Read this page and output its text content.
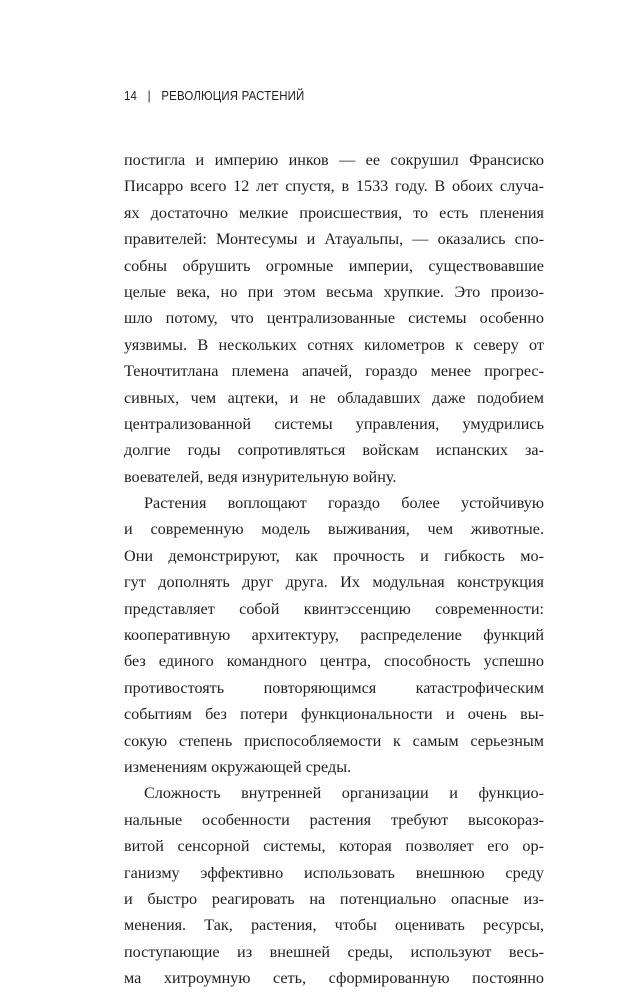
14 | РЕВОЛЮЦИЯ РАСТЕНИЙ
постигла и империю инков — ее сокрушил Франсиско
Писарро всего 12 лет спустя, в 1533 году. В обоих случа-
ях достаточно мелкие происшествия, то есть пленения
правителей: Монтесумы и Атауальпы, — оказались спо-
собны обрушить огромные империи, существовавшие
целые века, но при этом весьма хрупкие. Это произо-
шло потому, что централизованные системы особенно
уязвимы. В нескольких сотнях километров к северу от
Теночтитлана племена апачей, гораздо менее прогрес-
сивных, чем ацтеки, и не обладавших даже подобием
централизованной системы управления, умудрились
долгие годы сопротивляться войскам испанских за-
воевателей, ведя изнурительную войну.
Растения воплощают гораздо более устойчивую
и современную модель выживания, чем животные.
Они демонстрируют, как прочность и гибкость мо-
гут дополнять друг друга. Их модульная конструкция
представляет собой квинтэссенцию современности:
кооперативную архитектуру, распределение функций
без единого командного центра, способность успешно
противостоять повторяющимся катастрофическим
событиям без потери функциональности и очень вы-
сокую степень приспособляемости к самым серьезным
изменениям окружающей среды.
Сложность внутренней организации и функцио-
нальные особенности растения требуют высокораз-
витой сенсорной системы, которая позволяет его ор-
ганизму эффективно использовать внешнюю среду
и быстро реагировать на потенциально опасные из-
менения. Так, растения, чтобы оценивать ресурсы,
поступающие из внешней среды, используют весь-
ма хитроумную сеть, сформированную постоянно
